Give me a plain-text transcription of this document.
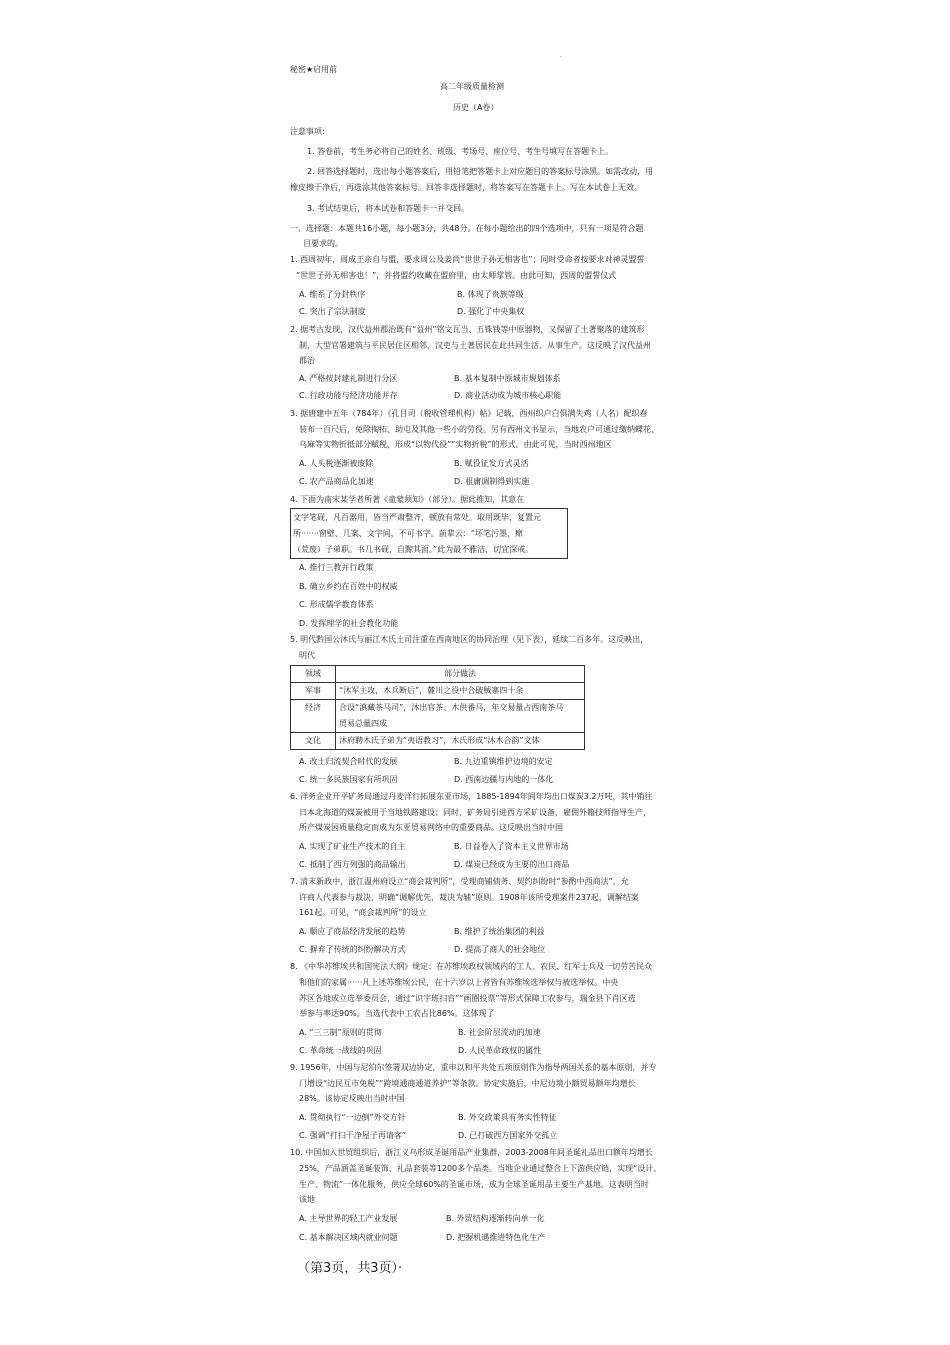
.
秘密★启用前
高二年级质量检测
历史（A卷）
注意事项:
1. 答卷前，考生务必将自己的姓名、班级、考场号、座位号、考生号填写在答题卡上。
2. 回答选择题时，选出每小题答案后，用铅笔把答题卡上对应题目的答案标号涂黑。如需改动，用
橡皮擦干净后，再选涂其他答案标号。回答非选择题时，将答案写在答题卡上。写在本试卷上无效。
3. 考试结束后，将本试卷和答题卡一并交回。
一、选择题：本题共16小题，每小题3分，共48分。在每小题给出的四个选项中，只有一项是符合题
目要求的。
1. 西周初年，周成王亲自与盟，要求周公及姜尚“世世子孙无相害也”；同时受命者按要求对神灵盟誓
“世世子孙无相害也！”，并将盟约收藏在盟府里，由太师掌管。由此可知，西周的盟誓仪式
A. 维系了分封秩序	B. 体现了贵族等级
C. 突出了宗法制度	D. 强化了中央集权
2. 据考古发现，汉代益州郡治既有“益州”铭文瓦当、五铢钱等中原器物，又保留了土著聚落的建筑形
制，大型官署建筑与平民居住区相邻，汉吏与土著居民在此共同生活、从事生产。这反映了汉代益州
郡治
A. 严格按封建礼制进行分区	B. 基本复制中原城市规划体系
C. 行政功能与经济功能并存	D. 商业活动成为城市核心职能
3. 据唐建中五年（784年）《孔目司（税收管理机构）帖》记载，西州织户白俱满失鸡（人名）配织春
装布一百尺后，免除掏拓、助屯及其他一些小的劳役。另有西州文书显示，当地农户可通过缴纳蝶花、
乌麻等实物折抵部分赋税，形成“以物代役”“实物折税”的形式。由此可见，当时西州地区
A. 人头税逐渐被废除	B. 赋役征发方式灵活
C. 农产品商品化加速	D. 租庸调制得到实施
4. 下面为南宋某学者所著《童蒙须知》（部分）。据此推知，其意在
文字笔砚，凡百器用，皆当严肃整齐，顿放有常处。取用既毕，复置元
所·······窗壁、几案、文字间，不可书字。前辈云：“坏笔污墨，瘝
（荒废）子弟职。书几书砚，自黥其面。”此为最不雅洁，切宜深戒。
A. 推行三教并行政策
B. 确立乡约在百姓中的权威
C. 形成儒学教育体系
D. 发挥理学的社会教化功能
5. 明代黔国公沐氏与丽江木氏土司注重在西南地区的协同治理（见下表），延续二百多年。这反映出，
明代
领域	部分做法
军事	“沐军主攻，木兵断后”，麓川之役中合破贼寨四十余
经济	合设“滇藏茶马司”，沐出官茶、木供番马，年交易量占西南茶马
贸易总量四成

文化	沐府聘木氏子弟为“夷语教习”，木氏形成“沐木合韵”文体
A. 改土归流契合时代的发展	B. 九边重镇维护边境的安定
C. 统一多民族国家有所巩固	D. 西南边疆与内地的一体化
6. 洋务企业开平矿务局通过丹麦洋行拓展东亚市场，1885-1894年间年均出口煤炭3.2万吨，其中销往
日本北海道的煤炭被用于当地铁路建设；同时，矿务局引进西方采矿设备，雇佣外籍技师指导生产，
所产煤炭因质量稳定而成为东亚贸易网络中的重要商品。这反映出当时中国
A. 实现了矿业生产技术的自主	B. 日益卷入了资本主义世界市场
C. 抵制了西方列强的商品输出	D. 煤炭已经成为主要的出口商品
7. 清末新政中，浙江温州府设立“商会裁判所”，受理商铺债务、契约纠纷时“参酌中西商法”，允
许商人代表参与裁决，明确“调解优先，裁决为辅”原则。1908年该所受理案件237起，调解结案
161起。可见，“商会裁判所”的设立
A. 顺应了商品经济发展的趋势	B. 维护了统治集团的利益
C. 摒弃了传统的纠纷解决方式	D. 提高了商人的社会地位
8. 《中华苏维埃共和国宪法大纲》规定：在苏维埃政权领域内的工人、农民、红军士兵及一切劳苦民众
和他们的家属······凡上述苏维埃公民，在十六岁以上者皆有苏维埃选举权与被选举权。中央
苏区各地成立选举委员会，通过“识字班扫盲”“画圈投票”等形式保障工农参与，瑞金县下肖区选
举参与率达90%，当选代表中工农占比86%。这体现了
A. “三三制”原则的贯彻	B. 社会阶层流动的加速
C. 革命统一战线的巩固	D. 人民革命政权的属性
9. 1956年，中国与尼泊尔签署双边协定，重申以和平共处五项原则作为指导两国关系的基本原则，并专
门增设“边民互市免税”“跨境通商通道养护”等条款。协定实施后，中尼边境小额贸易额年均增长
28%。该协定反映出当时中国
A. 贯彻执行“一边倒”外交方针	B. 外交政策具有务实性特征
C. 强调“打扫干净屋子再请客”	D. 已打破西方国家外交孤立
10. 中国加入世贸组织后，浙江义乌形成圣诞用品产业集群，2003-2008年间圣诞礼品出口额年均增长
25%，产品涵盖圣诞装饰、礼品套装等1200多个品类。当地企业通过整合上下游供应链，实现“设计、
生产、物流”一体化服务，供应全球60%的圣诞市场，成为全球圣诞用品主要生产基地。这表明当时
该地
A. 主导世界的轻工产业发展	B. 外贸结构逐渐转向单一化
C. 基本解决区域内就业问题	D. 把握机遇推进特色化生产
（第3页，共3页）·
